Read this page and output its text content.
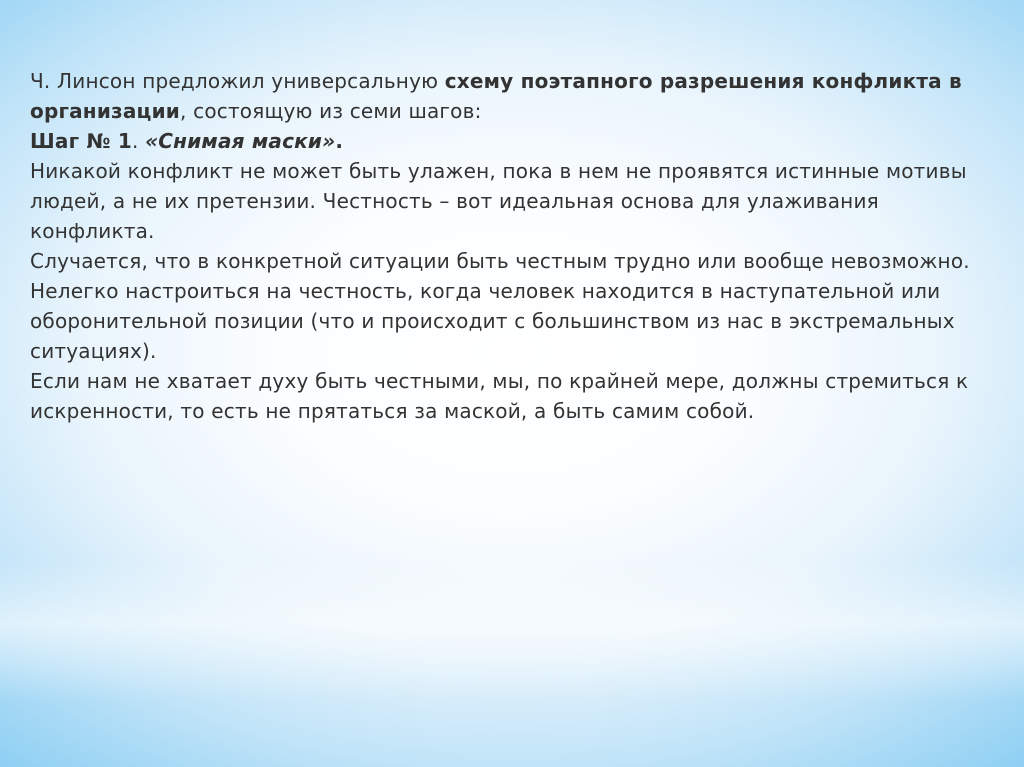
Ч. Линсон предложил универсальную схему поэтапного разрешения конфликта в организации, состоящую из семи шагов:

Шаг № 1. «Снимая маски».

Никакой конфликт не может быть улажен, пока в нем не проявятся истинные мотивы людей, а не их претензии. Честность – вот идеальная основа для улаживания конфликта.

Случается, что в конкретной ситуации быть честным трудно или вообще невозможно. Нелегко настроиться на честность, когда человек находится в наступательной или оборонительной позиции (что и происходит с большинством из нас в экстремальных ситуациях).

Если нам не хватает духу быть честными, мы, по крайней мере, должны стремиться к искренности, то есть не прятаться за маской, а быть самим собой.
